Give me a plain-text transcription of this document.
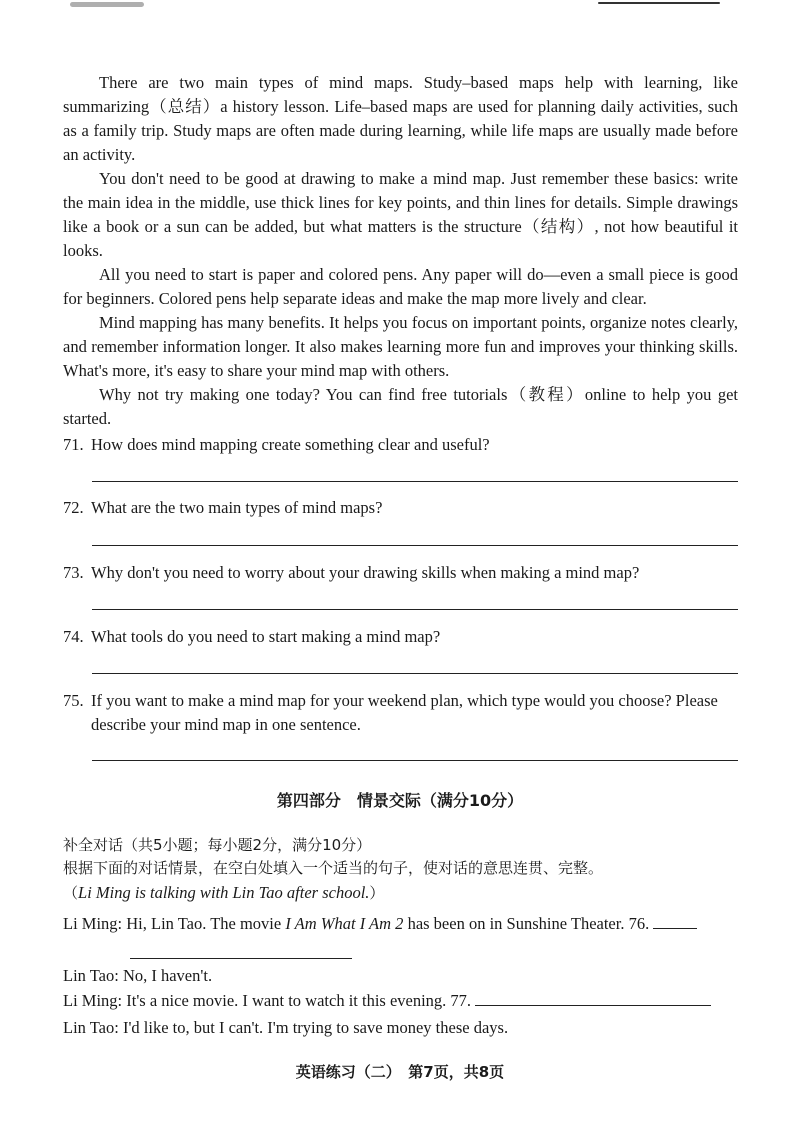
There are two main types of mind maps. Study–based maps help with learning, like summarizing（总结）a history lesson. Life–based maps are used for planning daily activities, such as a family trip. Study maps are often made during learning, while life maps are usually made before an activity.

You don't need to be good at drawing to make a mind map. Just remember these basics: write the main idea in the middle, use thick lines for key points, and thin lines for details. Simple drawings like a book or a sun can be added, but what matters is the structure（结构）, not how beautiful it looks.

All you need to start is paper and colored pens. Any paper will do—even a small piece is good for beginners. Colored pens help separate ideas and make the map more lively and clear.

Mind mapping has many benefits. It helps you focus on important points, organize notes clearly, and remember information longer. It also makes learning more fun and improves your thinking skills. What's more, it's easy to share your mind map with others.

Why not try making one today? You can find free tutorials（教程）online to help you get started.

71. How does mind mapping create something clear and useful?
72. What are the two main types of mind maps?
73. Why don't you need to worry about your drawing skills when making a mind map?
74. What tools do you need to start making a mind map?
75. If you want to make a mind map for your weekend plan, which type would you choose? Please
describe your mind map in one sentence.
第四部分　情景交际（满分10分）
补全对话（共5小题；每小题2分，满分10分）
根据下面的对话情景，在空白处填入一个适当的句子，使对话的意思连贯、完整。
（Li Ming is talking with Lin Tao after school.）
Li Ming: Hi, Lin Tao. The movie I Am What I Am 2 has been on in Sunshine Theater. 76.
Lin Tao: No, I haven't.
Li Ming: It's a nice movie. I want to watch it this evening. 77.
Lin Tao: I'd like to, but I can't. I'm trying to save money these days.
英语练习（二）　第7页，共8页
